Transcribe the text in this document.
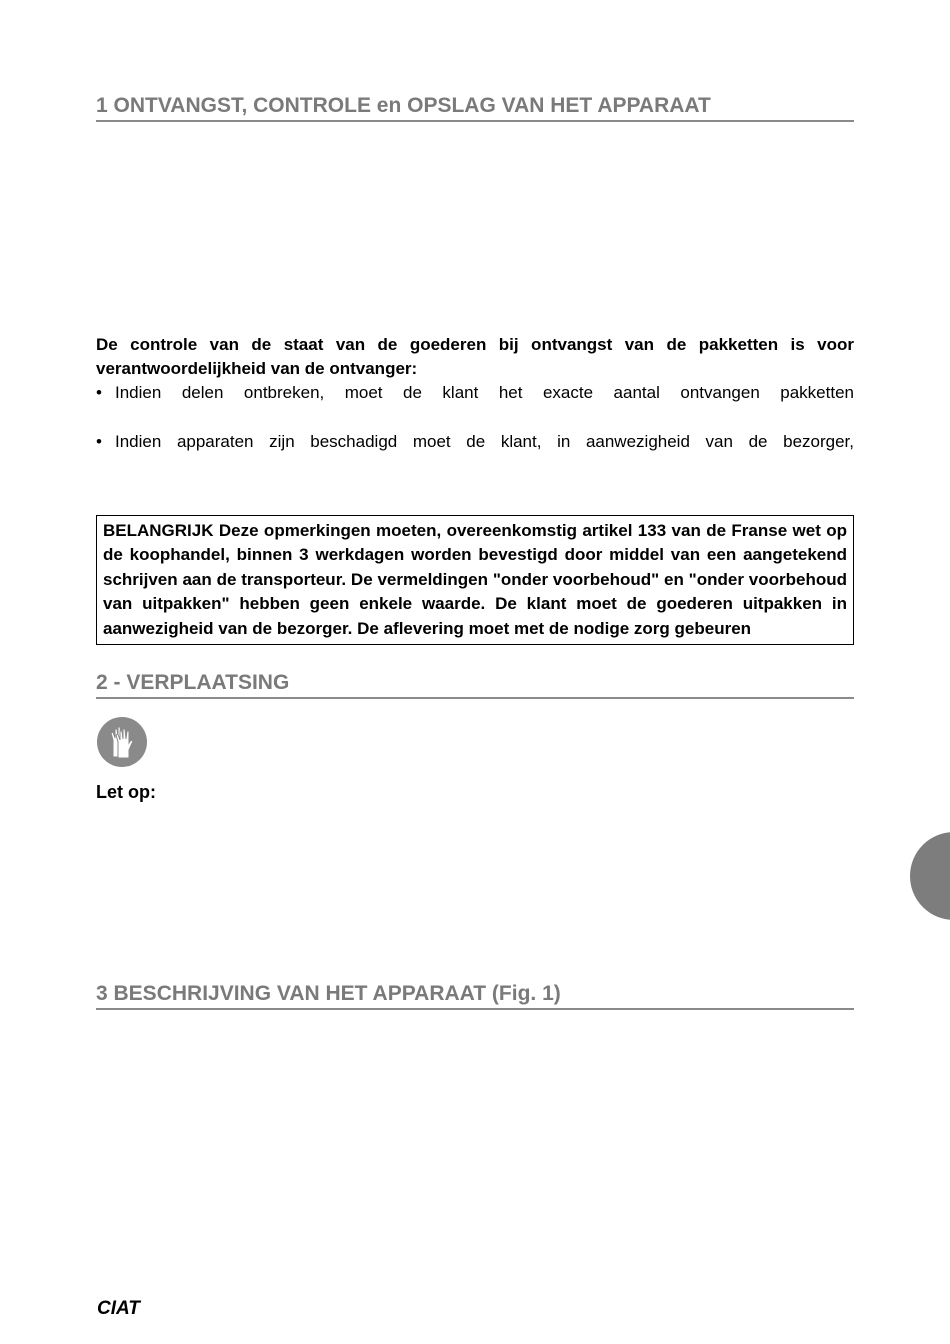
1 ONTVANGST, CONTROLE en OPSLAG VAN HET APPARAAT

De controle van de staat van de goederen bij ontvangst van de pakketten is voor verantwoordelijkheid van de ontvanger:

• Indien delen ontbreken, moet de klant het exacte aantal ontvangen pakketten
• Indien apparaten zijn beschadigd moet de klant, in aanwezigheid van de bezorger,
BELANGRIJK Deze opmerkingen moeten, overeenkomstig artikel 133 van de Franse wet op de koophandel, binnen 3 werkdagen worden bevestigd door middel van een aangetekend schrijven aan de transporteur. De vermeldingen "onder voorbehoud" en "onder voorbehoud van uitpakken" hebben geen enkele waarde. De klant moet de goederen uitpakken in aanwezigheid van de bezorger. De aflevering moet met de nodige zorg gebeuren
2 - VERPLAATSING

Let op:

3 BESCHRIJVING VAN HET APPARAAT (Fig. 1)
CIAT
